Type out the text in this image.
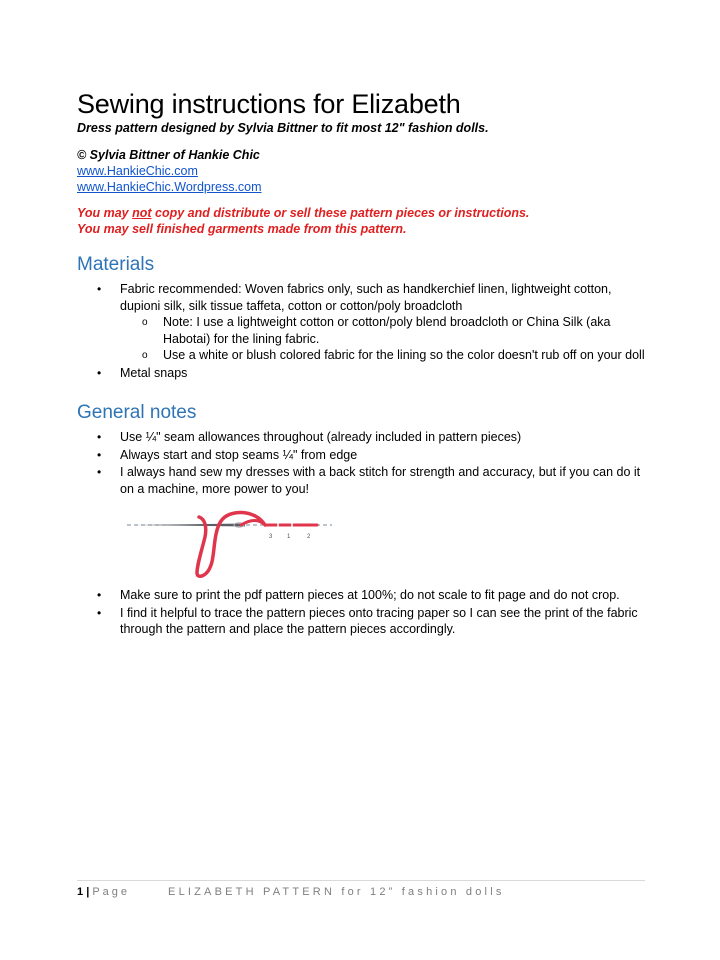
Sewing instructions for Elizabeth

Dress pattern designed by Sylvia Bittner to fit most 12" fashion dolls.

© Sylvia Bittner of Hankie Chic
www.HankieChic.com
www.HankieChic.Wordpress.com
You may not copy and distribute or sell these pattern pieces or instructions.
You may sell finished garments made from this pattern.
Materials
• Fabric recommended: Woven fabrics only, such as handkerchief linen, lightweight cotton, dupioni silk, silk tissue taffeta, cotton or cotton/poly broadcloth
o Note: I use a lightweight cotton or cotton/poly blend broadcloth or China Silk (aka Habotai) for the lining fabric.
o Use a white or blush colored fabric for the lining so the color doesn't rub off on your doll
• Metal snaps
General notes
• Use ¼" seam allowances throughout (already included in pattern pieces)
• Always start and stop seams ¼" from edge
• I always hand sew my dresses with a back stitch for strength and accuracy, but if you can do it on a machine, more power to you!
3 1	2
• Make sure to print the pdf pattern pieces at 100%; do not scale to fit page and do not crop.
• I find it helpful to trace the pattern pieces onto tracing paper so I can see the print of the fabric through the pattern and place the pattern pieces accordingly.
1 | Page	ELIZABETH PATTERN for 12” fashion dolls
